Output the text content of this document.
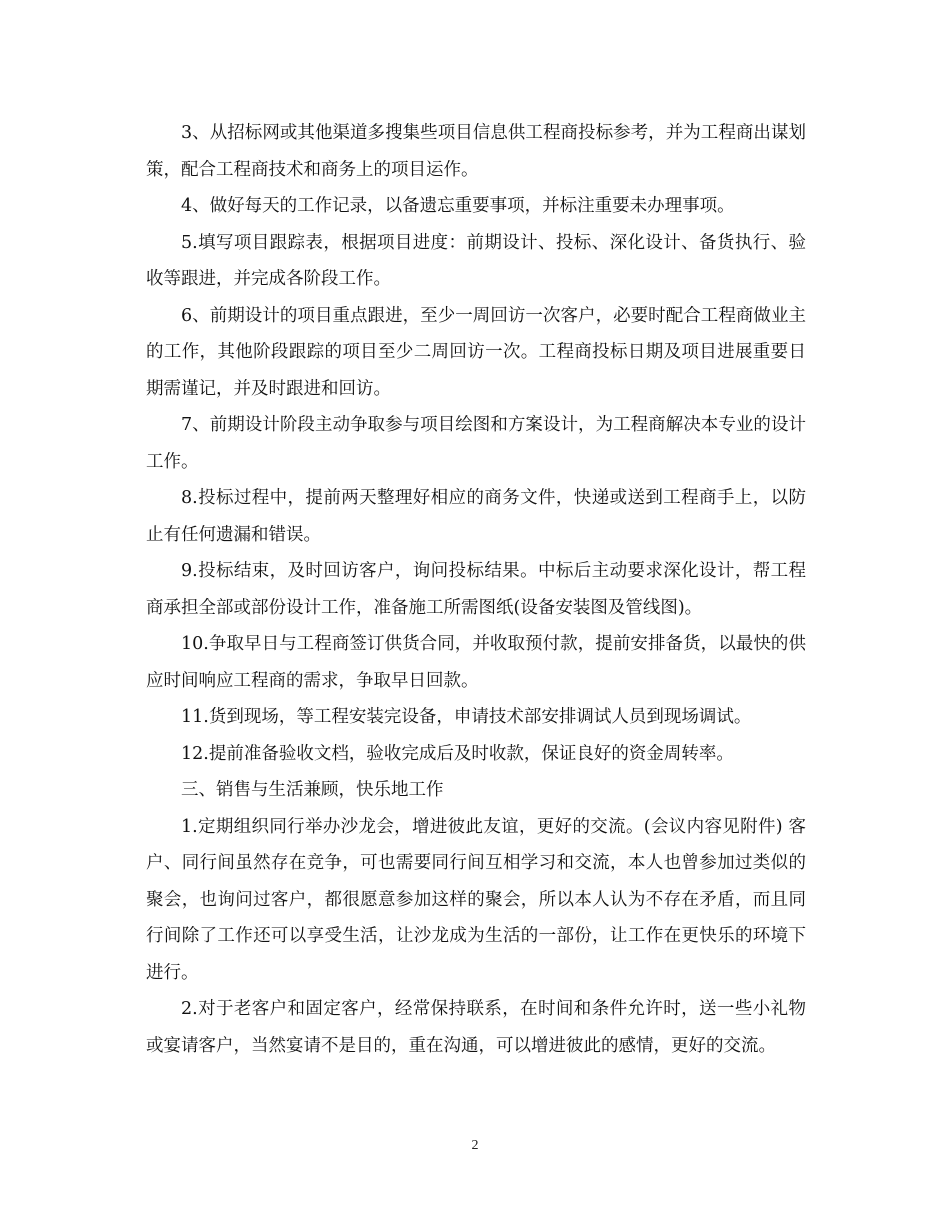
3、从招标网或其他渠道多搜集些项目信息供工程商投标参考，并为工程商出谋划策，配合工程商技术和商务上的项目运作。

4、做好每天的工作记录，以备遗忘重要事项，并标注重要未办理事项。

5.填写项目跟踪表，根据项目进度：前期设计、投标、深化设计、备货执行、验收等跟进，并完成各阶段工作。

6、前期设计的项目重点跟进，至少一周回访一次客户，必要时配合工程商做业主的工作，其他阶段跟踪的项目至少二周回访一次。工程商投标日期及项目进展重要日期需谨记，并及时跟进和回访。

7、前期设计阶段主动争取参与项目绘图和方案设计，为工程商解决本专业的设计工作。

8.投标过程中，提前两天整理好相应的商务文件，快递或送到工程商手上，以防止有任何遗漏和错误。

9.投标结束，及时回访客户，询问投标结果。中标后主动要求深化设计，帮工程商承担全部或部份设计工作，准备施工所需图纸(设备安装图及管线图)。

10.争取早日与工程商签订供货合同，并收取预付款，提前安排备货，以最快的供应时间响应工程商的需求，争取早日回款。

11.货到现场，等工程安装完设备，申请技术部安排调试人员到现场调试。

12.提前准备验收文档，验收完成后及时收款，保证良好的资金周转率。

三、销售与生活兼顾，快乐地工作

1.定期组织同行举办沙龙会，增进彼此友谊，更好的交流。(会议内容见附件) 客户、同行间虽然存在竞争，可也需要同行间互相学习和交流，本人也曾参加过类似的聚会，也询问过客户，都很愿意参加这样的聚会，所以本人认为不存在矛盾，而且同行间除了工作还可以享受生活，让沙龙成为生活的一部份，让工作在更快乐的环境下进行。

2.对于老客户和固定客户，经常保持联系，在时间和条件允许时，送一些小礼物或宴请客户，当然宴请不是目的，重在沟通，可以增进彼此的感情，更好的交流。

2
